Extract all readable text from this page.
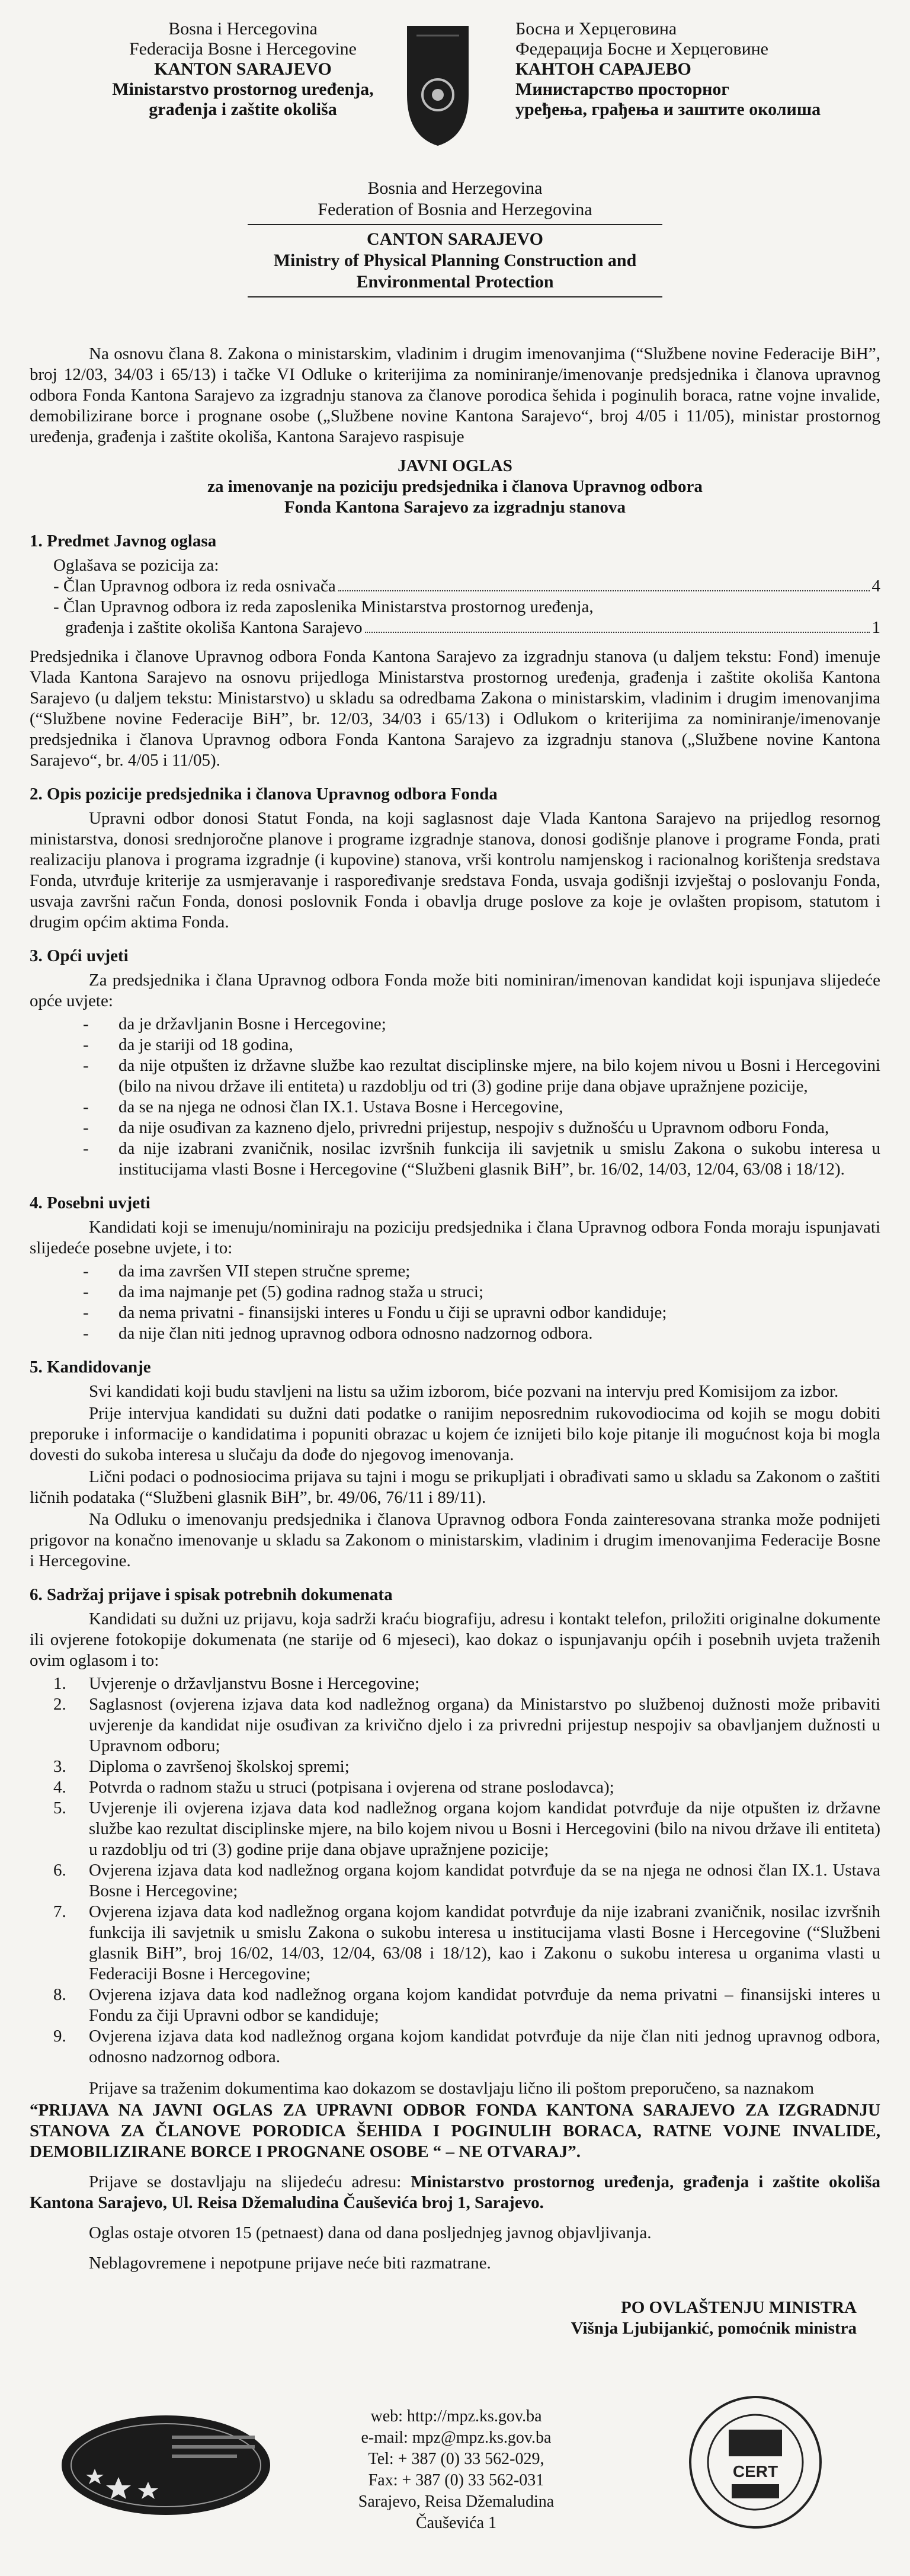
Bosna i Hercegovina
Federacija Bosne i Hercegovine
KANTON SARAJEVO
Ministarstvo prostornog uređenja,
građenja i zaštite okoliša
Босна и Херцеговина
Федерација Босне и Херцеговине
КАНТОН САРАЈЕВО
Министарство просторног
уређења, грађења и заштите околиша
Bosnia and Herzegovina
Federation of Bosnia and Herzegovina
CANTON SARAJEVO
Ministry of Physical Planning Construction and
Environmental Protection

Na osnovu člana 8. Zakona o ministarskim, vladinim i drugim imenovanjima (“Službene novine Federacije BiH”, broj 12/03, 34/03 i 65/13) i tačke VI Odluke o kriterijima za nominiranje/imenovanje predsjednika i članova upravnog odbora Fonda Kantona Sarajevo za izgradnju stanova za članove porodica šehida i poginulih boraca, ratne vojne invalide, demobilizirane borce i prognane osobe („Službene novine Kantona Sarajevo“, broj 4/05 i 11/05), ministar prostornog uređenja, građenja i zaštite okoliša, Kantona Sarajevo raspisuje

JAVNI OGLAS
za imenovanje na poziciju predsjednika i članova Upravnog odbora
Fonda Kantona Sarajevo za izgradnju stanova
1. Predmet Javnog oglasa
Oglašava se pozicija za:
- Član Upravnog odbora iz reda osnivača	4
- Član Upravnog odbora iz reda zaposlenika Ministarstva prostornog uređenja,
građenja i zaštite okoliša Kantona Sarajevo	1

Predsjednika i članove Upravnog odbora Fonda Kantona Sarajevo za izgradnju stanova (u daljem tekstu: Fond) imenuje Vlada Kantona Sarajevo na osnovu prijedloga Ministarstva prostornog uređenja, građenja i zaštite okoliša Kantona Sarajevo (u daljem tekstu: Ministarstvo) u skladu sa odredbama Zakona o ministarskim, vladinim i drugim imenovanjima (“Službene novine Federacije BiH”, br. 12/03, 34/03 i 65/13) i Odlukom o kriterijima za nominiranje/imenovanje predsjednika i članova Upravnog odbora Fonda Kantona Sarajevo za izgradnju stanova („Službene novine Kantona Sarajevo“, br. 4/05 i 11/05).

2. Opis pozicije predsjednika i članova Upravnog odbora Fonda

Upravni odbor donosi Statut Fonda, na koji saglasnost daje Vlada Kantona Sarajevo na prijedlog resornog ministarstva, donosi srednjoročne planove i programe izgradnje stanova, donosi godišnje planove i programe Fonda, prati realizaciju planova i programa izgradnje (i kupovine) stanova, vrši kontrolu namjenskog i racionalnog korištenja sredstava Fonda, utvrđuje kriterije za usmjeravanje i raspoređivanje sredstava Fonda, usvaja godišnji izvještaj o poslovanju Fonda, usvaja završni račun Fonda, donosi poslovnik Fonda i obavlja druge poslove za koje je ovlašten propisom, statutom i drugim općim aktima Fonda.

3. Opći uvjeti

Za predsjednika i člana Upravnog odbora Fonda može biti nominiran/imenovan kandidat koji ispunjava slijedeće opće uvjete:

- da je državljanin Bosne i Hercegovine;
- da je stariji od 18 godina,
- da nije otpušten iz državne službe kao rezultat disciplinske mjere, na bilo kojem nivou u Bosni i Hercegovini (bilo na nivou države ili entiteta) u razdoblju od tri (3) godine prije dana objave upražnjene pozicije,
- da se na njega ne odnosi član IX.1. Ustava Bosne i Hercegovine,
- da nije osuđivan za kazneno djelo, privredni prijestup, nespojiv s dužnošću u Upravnom odboru Fonda,
- da nije izabrani zvaničnik, nosilac izvršnih funkcija ili savjetnik u smislu Zakona o sukobu interesa u institucijama vlasti Bosne i Hercegovine (“Službeni glasnik BiH”, br. 16/02, 14/03, 12/04, 63/08 i 18/12).
4. Posebni uvjeti

Kandidati koji se imenuju/nominiraju na poziciju predsjednika i člana Upravnog odbora Fonda moraju ispunjavati slijedeće posebne uvjete, i to:

- da ima završen VII stepen stručne spreme;
- da ima najmanje pet (5) godina radnog staža u struci;
- da nema privatni - finansijski interes u Fondu u čiji se upravni odbor kandiduje;
- da nije član niti jednog upravnog odbora odnosno nadzornog odbora.
5. Kandidovanje

Svi kandidati koji budu stavljeni na listu sa užim izborom, biće pozvani na intervju pred Komisijom za izbor.

Prije intervjua kandidati su dužni dati podatke o ranijim neposrednim rukovodiocima od kojih se mogu dobiti preporuke i informacije o kandidatima i popuniti obrazac u kojem će iznijeti bilo koje pitanje ili mogućnost koja bi mogla dovesti do sukoba interesa u slučaju da dođe do njegovog imenovanja.

Lični podaci o podnosiocima prijava su tajni i mogu se prikupljati i obrađivati samo u skladu sa Zakonom o zaštiti ličnih podataka (“Službeni glasnik BiH”, br. 49/06, 76/11 i 89/11).

Na Odluku o imenovanju predsjednika i članova Upravnog odbora Fonda zainteresovana stranka može podnijeti prigovor na konačno imenovanje u skladu sa Zakonom o ministarskim, vladinim i drugim imenovanjima Federacije Bosne i Hercegovine.

6. Sadržaj prijave i spisak potrebnih dokumenata

Kandidati su dužni uz prijavu, koja sadrži kraću biografiju, adresu i kontakt telefon, priložiti originalne dokumente ili ovjerene fotokopije dokumenata (ne starije od 6 mjeseci), kao dokaz o ispunjavanju općih i posebnih uvjeta traženih ovim oglasom i to:

1. Uvjerenje o državljanstvu Bosne i Hercegovine;
2. Saglasnost (ovjerena izjava data kod nadležnog organa) da Ministarstvo po službenoj dužnosti može pribaviti uvjerenje da kandidat nije osuđivan za krivično djelo i za privredni prijestup nespojiv sa obavljanjem dužnosti u Upravnom odboru;
3. Diploma o završenoj školskoj spremi;
4. Potvrda o radnom stažu u struci (potpisana i ovjerena od strane poslodavca);
5. Uvjerenje ili ovjerena izjava data kod nadležnog organa kojom kandidat potvrđuje da nije otpušten iz državne službe kao rezultat disciplinske mjere, na bilo kojem nivou u Bosni i Hercegovini (bilo na nivou države ili entiteta) u razdoblju od tri (3) godine prije dana objave upražnjene pozicije;
6. Ovjerena izjava data kod nadležnog organa kojom kandidat potvrđuje da se na njega ne odnosi član IX.1. Ustava Bosne i Hercegovine;
7. Ovjerena izjava data kod nadležnog organa kojom kandidat potvrđuje da nije izabrani zvaničnik, nosilac izvršnih funkcija ili savjetnik u smislu Zakona o sukobu interesa u institucijama vlasti Bosne i Hercegovine (“Službeni glasnik BiH”, broj 16/02, 14/03, 12/04, 63/08 i 18/12), kao i Zakonu o sukobu interesa u organima vlasti u Federaciji Bosne i Hercegovine;
8. Ovjerena izjava data kod nadležnog organa kojom kandidat potvrđuje da nema privatni – finansijski interes u Fondu za čiji Upravni odbor se kandiduje;
9. Ovjerena izjava data kod nadležnog organa kojom kandidat potvrđuje da nije član niti jednog upravnog odbora, odnosno nadzornog odbora.

Prijave sa traženim dokumentima kao dokazom se dostavljaju lično ili poštom preporučeno, sa naznakom

“PRIJAVA NA JAVNI OGLAS ZA UPRAVNI ODBOR FONDA KANTONA SARAJEVO ZA IZGRADNJU STANOVA ZA ČLANOVE PORODICA ŠEHIDA I POGINULIH BORACA, RATNE VOJNE INVALIDE, DEMOBILIZIRANE BORCE I PROGNANE OSOBE “ – NE OTVARAJ”.

Prijave se dostavljaju na slijedeću adresu: Ministarstvo prostornog uređenja, građenja i zaštite okoliša Kantona Sarajevo, Ul. Reisa Džemaludina Čauševića broj 1, Sarajevo.

Oglas ostaje otvoren 15 (petnaest) dana od dana posljednjeg javnog objavljivanja.

Neblagovremene i nepotpune prijave neće biti razmatrane.

PO OVLAŠTENJU MINISTRA
Višnja Ljubijankić, pomoćnik ministra
web: http://mpz.ks.gov.ba
e-mail: mpz@mpz.ks.gov.ba
Tel: + 387 (0) 33 562-029,
Fax: + 387 (0) 33 562-031
Sarajevo, Reisa Džemaludina Čauševića 1
CERT
